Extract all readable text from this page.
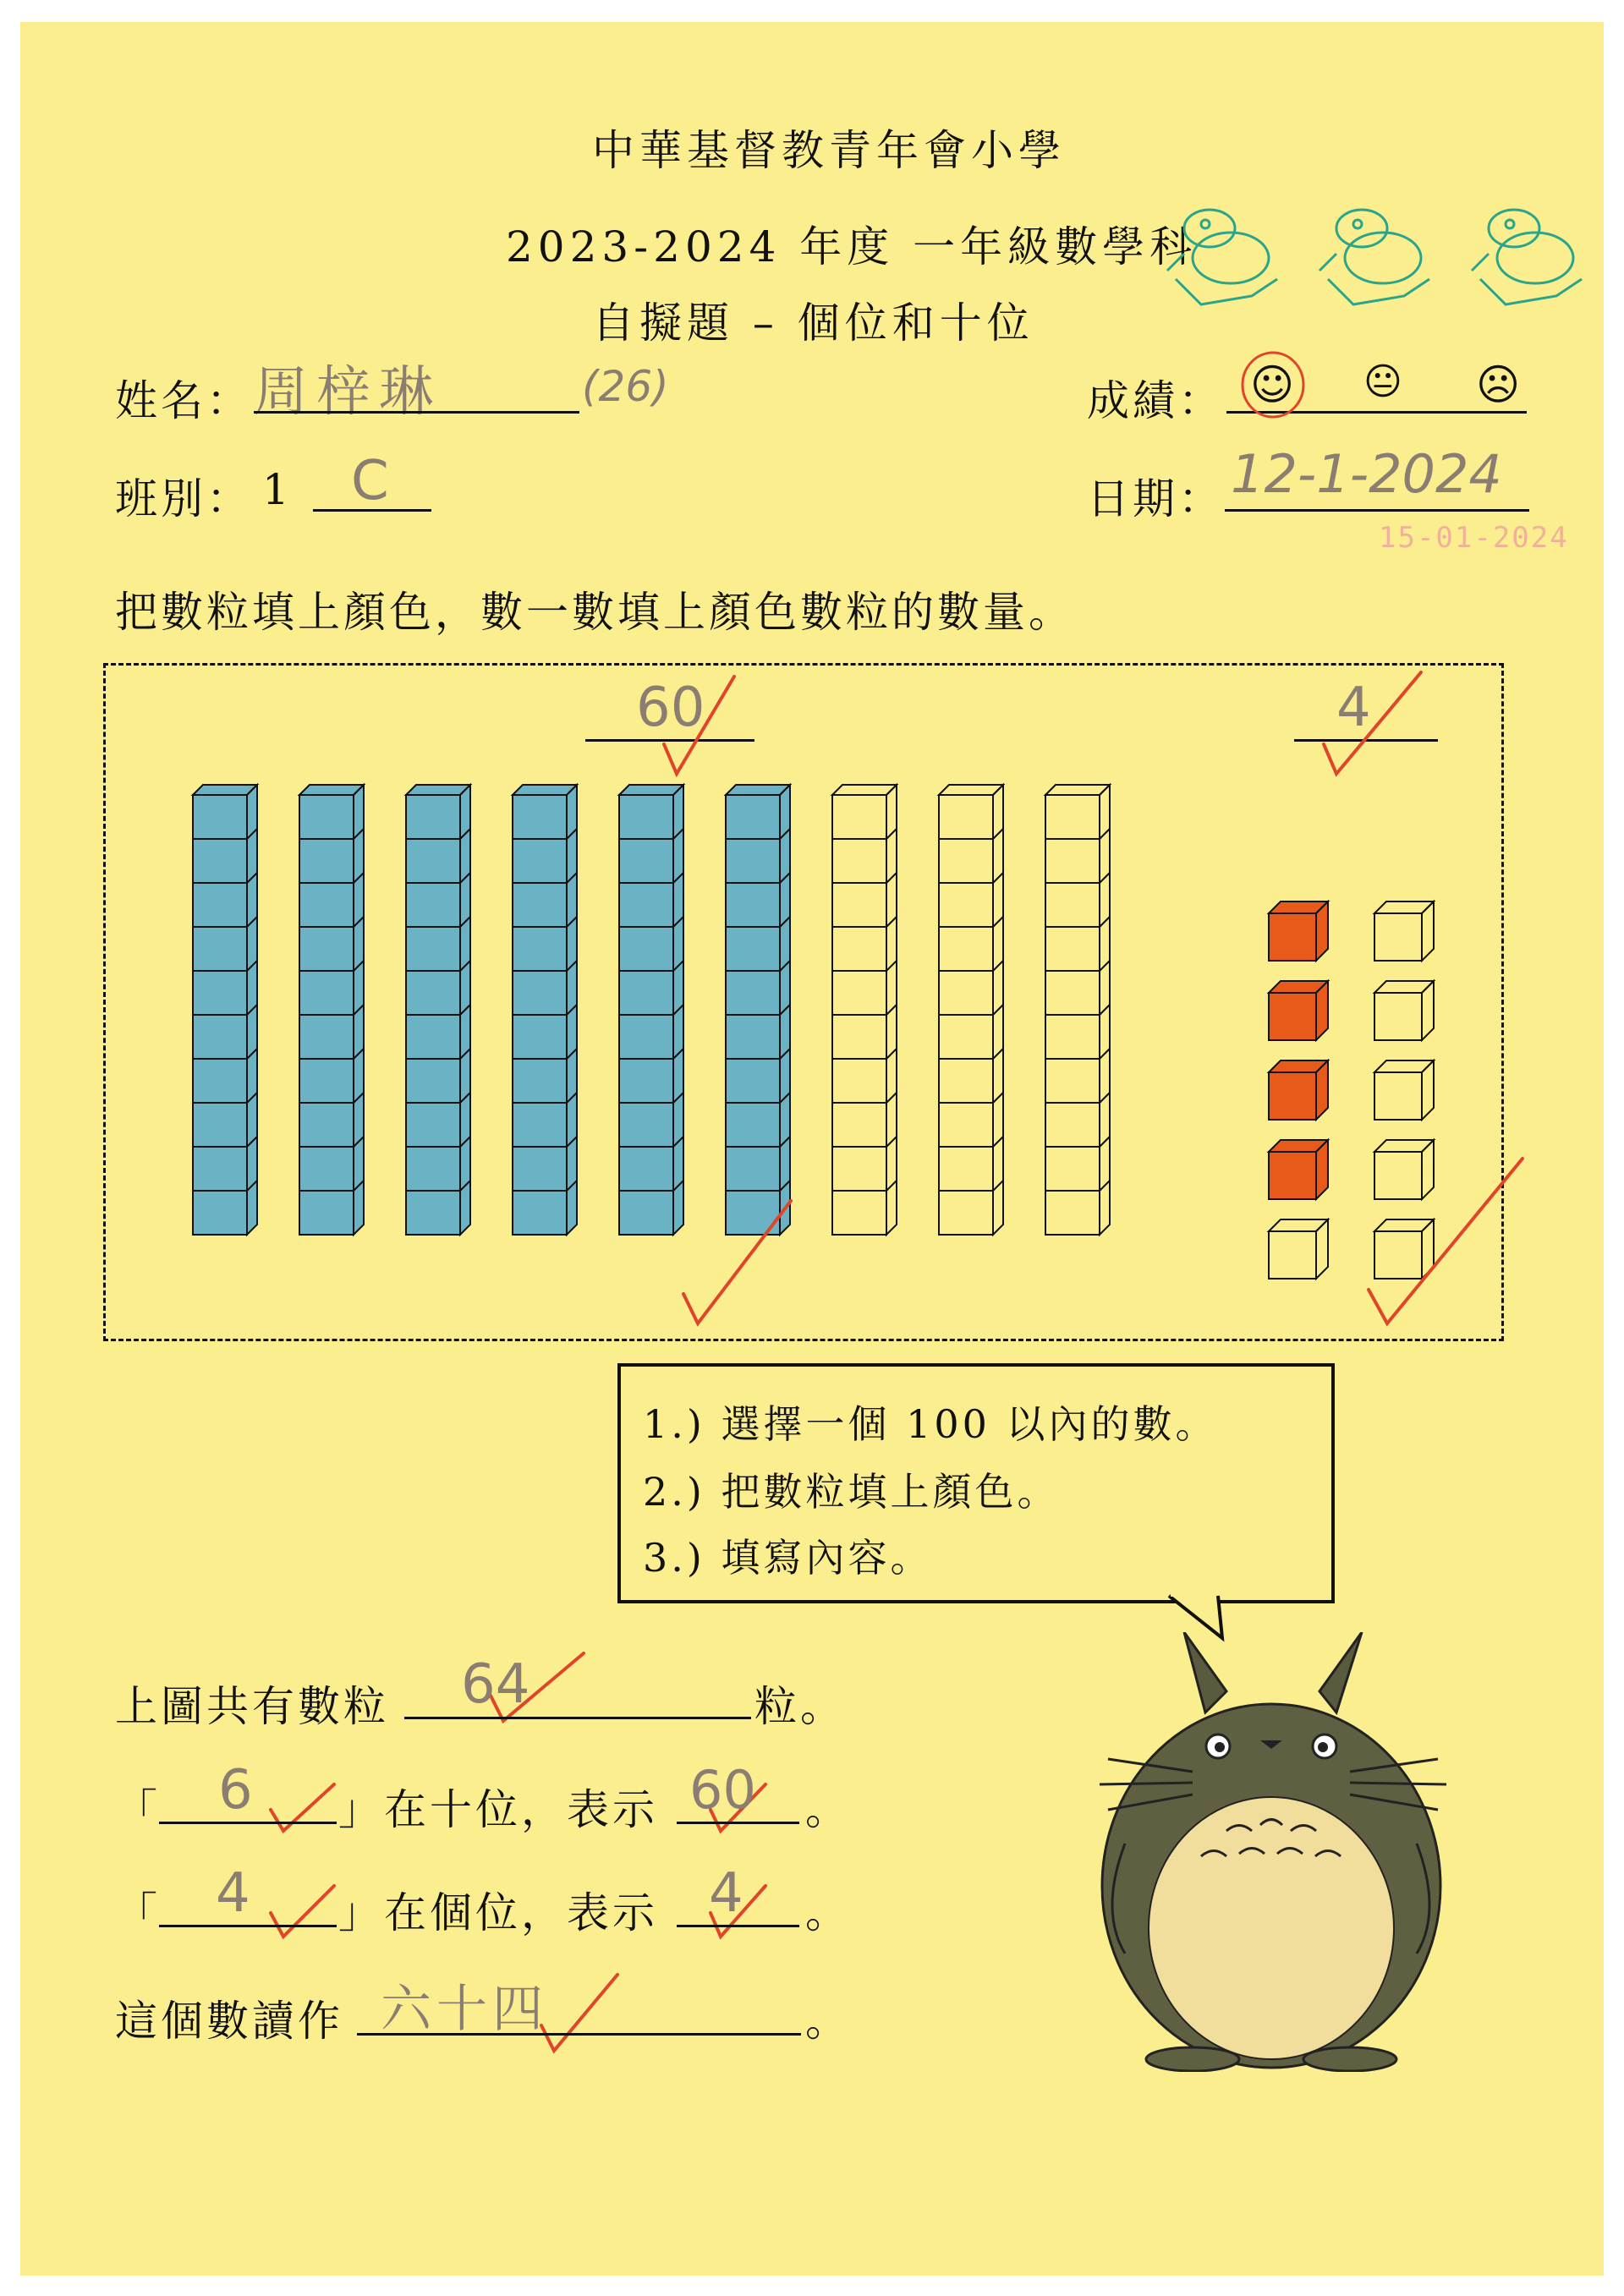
中華基督教青年會小學
2023-2024 年度 一年級數學科
自擬題 – 個位和十位
姓名： 周梓琳	(26)	成績： ☺ 😐 ☹
班別： 1 C	日期： 12-1-2024
15-01-2024
把數粒填上顏色，數一數填上顏色數粒的數量。
60	4
1.) 選擇一個 100 以內的數。
2.) 把數粒填上顏色。
3.) 填寫內容。
上圖共有數粒 64	粒。
「 6 」在十位，表示 60 。
「 4 」在個位，表示 4 。
這個數讀作 六十四	。
